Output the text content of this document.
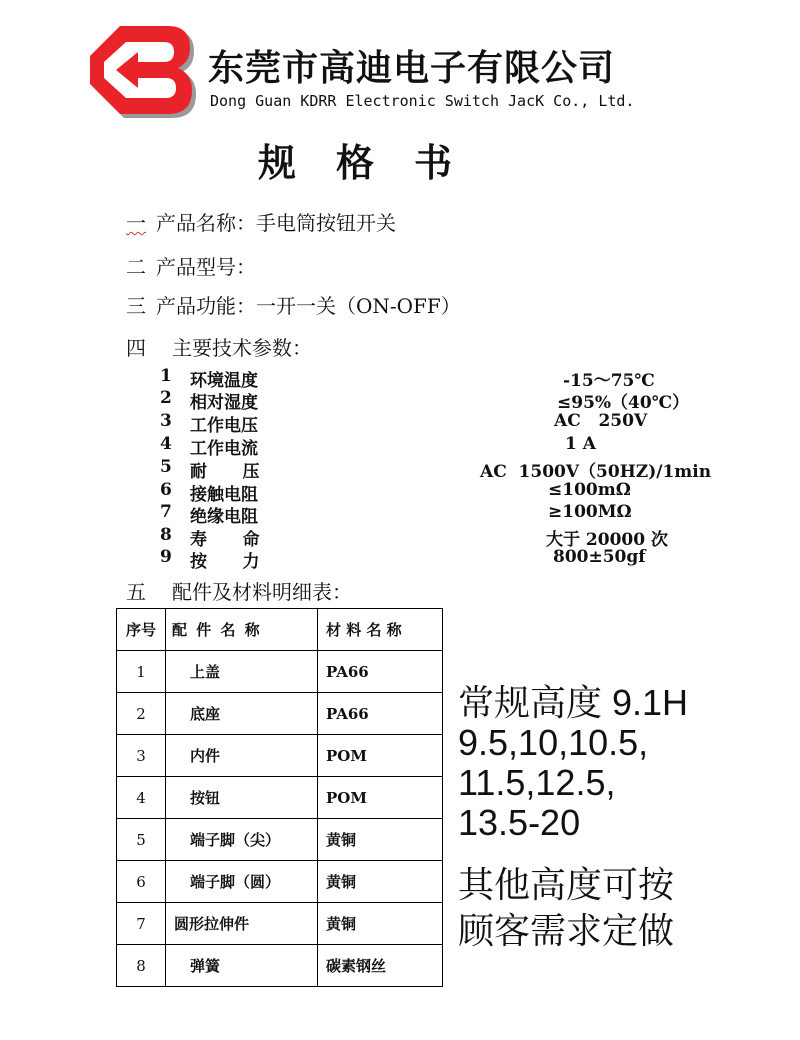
东莞市高迪电子有限公司
Dong Guan KDRR Electronic Switch JacK Co., Ltd.
规格书
一 产品名称：手电筒按钮开关
二 产品型号：
三 产品功能：一开一关（ON-OFF）
四 主要技术参数：
1	环境温度	-15～75℃
2	相对湿度	≤95%（40℃）
3	工作电压	AC   250V
4	工作电流	1 A
5	耐      压	AC  1500V（50HZ)/1min
6	接触电阻	≤100mΩ
7	绝缘电阻	≥100MΩ
8	寿      命	大于 20000 次
9	按      力	800±50gf
五 配件及材料明细表：
序号	配 件 名 称	材 料 名 称
1	上盖	PA66
2	底座	PA66
3	内件	POM
4	按钮	POM
5	端子脚（尖）	黄铜
6	端子脚（圆）	黄铜
7	圆形拉伸件	黄铜
8	弹簧	碳素钢丝
常规高度 9.1H
9.5,10,10.5,
11.5,12.5,
13.5-20
其他高度可按
顾客需求定做
